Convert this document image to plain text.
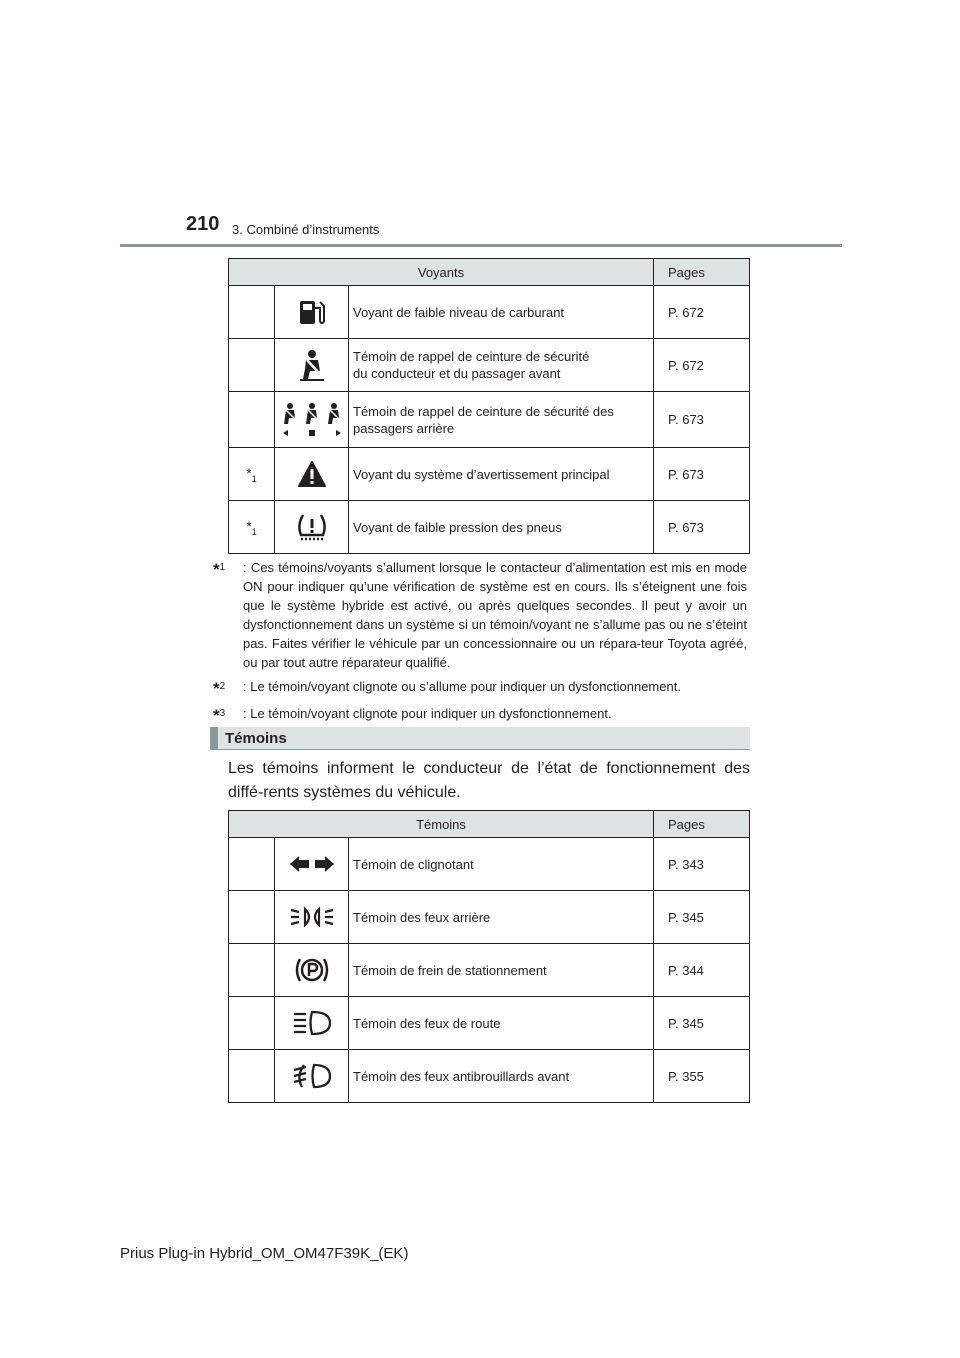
210 3. Combiné d’instruments
Voyants			Pages

Voyant de faible niveau de carburant	P. 672

Témoin de rappel de ceinture de sécurité
du conducteur et du passager avant	P. 672

Témoin de rappel de ceinture de sécurité des
passagers arrière	P. 673
$*_1$		Voyant du système d’avertissement principal	P. 673
$*_1$		Voyant de faible pression des pneus	P. 673
*$^1$	: Ces témoins/voyants s’allument lorsque le contacteur d’alimentation est mis en mode ON pour indiquer qu’une vérification de système est en cours. Ils s’éteignent une fois que le système hybride est activé, ou après quelques secondes. Il peut y avoir un dysfonctionnement dans un système si un témoin/voyant ne s’allume pas ou ne s’éteint pas. Faites vérifier le véhicule par un concessionnaire ou un répara-teur Toyota agréé, ou par tout autre réparateur qualifié.
*$^2$	: Le témoin/voyant clignote ou s’allume pour indiquer un dysfonctionnement.
*$^3$	: Le témoin/voyant clignote pour indiquer un dysfonctionnement.
Témoins
Les témoins informent le conducteur de l’état de fonctionnement des diffé-rents systèmes du véhicule.
Témoins			Pages

Témoin de clignotant	P. 343

Témoin des feux arrière	P. 345

Témoin de frein de stationnement	P. 344

Témoin des feux de route	P. 345

Témoin des feux antibrouillards avant	P. 355
Prius Plug-in Hybrid_OM_OM47F39K_(EK)
